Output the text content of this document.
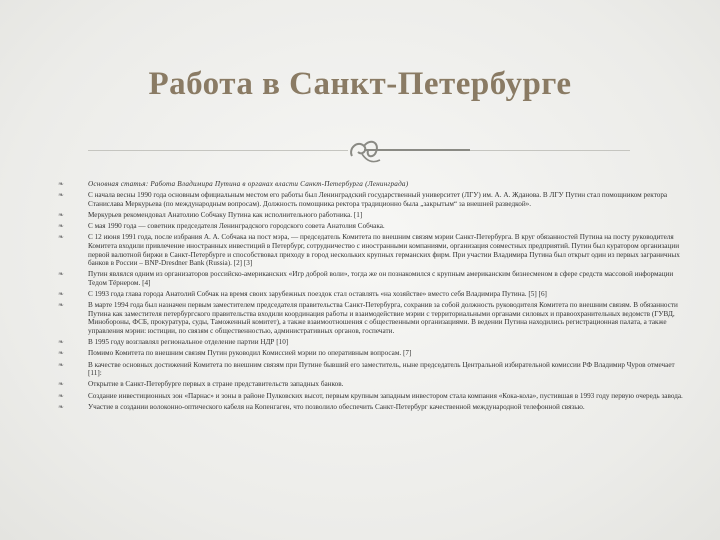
Работа в Санкт-Петербурге
❧	Основная статья: Работа Владимира Путина в органах власти Санкт-Петербурга (Ленинграда)
❧	С начала весны 1990 года основным официальным местом его работы был Ленинградский государственный университет (ЛГУ) им. А. А. Жданова. В ЛГУ Путин стал помощником ректора Станислава Меркурьева (по международным вопросам). Должность помощника ректора традиционно была „закрытым“ за внешней разведкой».
❧	Меркурьев рекомендовал Анатолию Собчаку Путина как исполнительного работника. [1]
❧	С мая 1990 года — советник председателя Ленинградского городского совета Анатолия Собчака.
❧	С 12 июня 1991 года, после избрания А. А. Собчака на пост мэра, — председатель Комитета по внешним связям мэрии Санкт-Петербурга. В круг обязанностей Путина на посту руководителя Комитета входили привлечение иностранных инвестиций в Петербург, сотрудничество с иностранными компаниями, организация совместных предприятий. Путин был куратором организации первой валютной биржи в Санкт-Петербурге и способствовал приходу в город нескольких крупных германских фирм. При участии Владимира Путина был открыт один из первых заграничных банков в России – BNP-Dresdner Bank (Russia). [2] [3]
❧	Путин являлся одним из организаторов российско-американских «Игр доброй воли», тогда же он познакомился с крупным американским бизнесменом в сфере средств массовой информации Тедом Тёрнером. [4]
❧	С 1993 года глава города Анатолий Собчак на время своих зарубежных поездок стал оставлять «на хозяйстве» вместо себя Владимира Путина. [5] [6]
❧	В марте 1994 года был назначен первым заместителем председателя правительства Санкт-Петербурга, сохранив за собой должность руководителя Комитета по внешним связям. В обязанности Путина как заместителя петербургского правительства входили координация работы и взаимодействие мэрии с территориальными органами силовых и правоохранительных ведомств (ГУВД, Минобороны, ФСБ, прокуратура, суды, Таможенный комитет), а также взаимоотношения с общественными организациями. В ведении Путина находились регистрационная палата, а также управления мэрии: юстиции, по связям с общественностью, административных органов, госпечати.
❧	В 1995 году возглавлял региональное отделение партии НДР [10]
❧	Помимо Комитета по внешним связям Путин руководил Комиссией мэрии по оперативным вопросам. [7]
❧	В качестве основных достижений Комитета по внешним связям при Путине бывший его заместитель, ныне председатель Центральной избирательной комиссии РФ Владимир Чуров отмечает [11]:
❧	Открытие в Санкт-Петербурге первых в стране представительств западных банков.
❧	Создание инвестиционных зон «Парнас» и зоны в районе Пулковских высот, первым крупным западным инвестором стала компания «Кока-кола», пустившая в 1993 году первую очередь завода.
❧	Участие в создании волоконно-оптического кабеля на Копенгаген, что позволило обеспечить Санкт-Петербург качественной международной телефонной связью.
